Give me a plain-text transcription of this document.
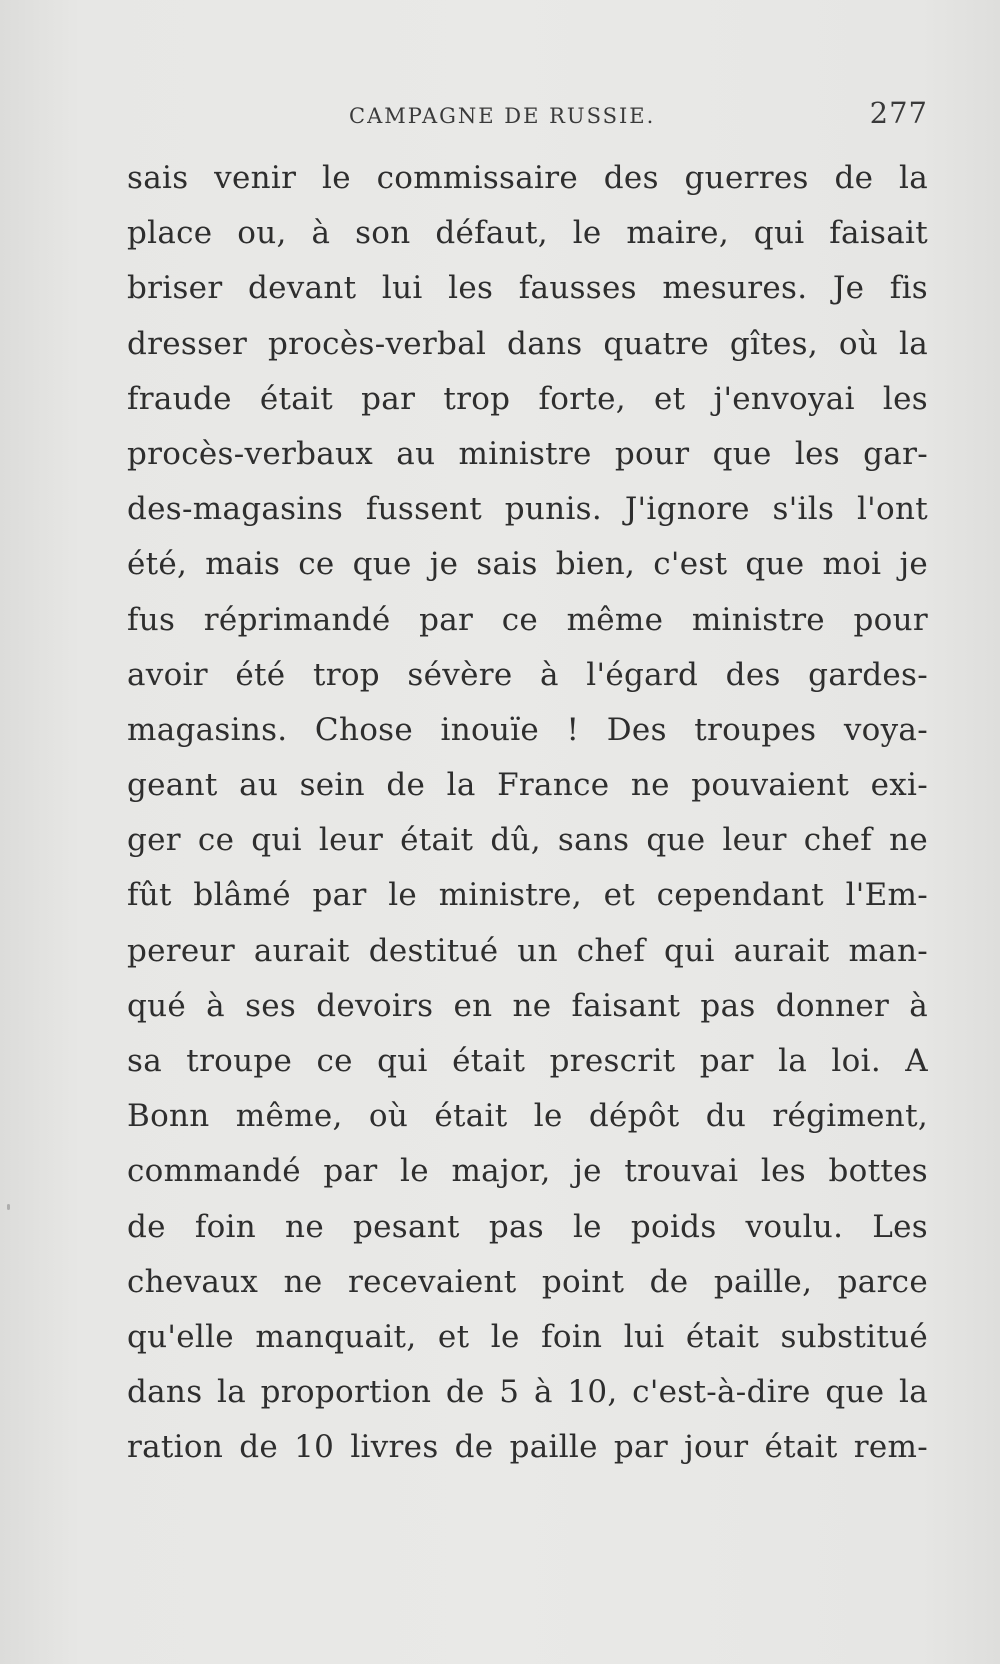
CAMPAGNE DE RUSSIE.	277
sais venir le commissaire des guerres de la
place ou, à son défaut, le maire, qui faisait
briser devant lui les fausses mesures. Je fis
dresser procès-verbal dans quatre gîtes, où la
fraude était par trop forte, et j'envoyai les
procès-verbaux au ministre pour que les gar-
des-magasins fussent punis. J'ignore s'ils l'ont
été, mais ce que je sais bien, c'est que moi je
fus réprimandé par ce même ministre pour
avoir été trop sévère à l'égard des gardes-
magasins. Chose inouïe ! Des troupes voya-
geant au sein de la France ne pouvaient exi-
ger ce qui leur était dû, sans que leur chef ne
fût blâmé par le ministre, et cependant l'Em-
pereur aurait destitué un chef qui aurait man-
qué à ses devoirs en ne faisant pas donner à
sa troupe ce qui était prescrit par la loi. A
Bonn même, où était le dépôt du régiment,
commandé par le major, je trouvai les bottes
de foin ne pesant pas le poids voulu. Les
chevaux ne recevaient point de paille, parce
qu'elle manquait, et le foin lui était substitué
dans la proportion de 5 à 10, c'est-à-dire que la
ration de 10 livres de paille par jour était rem-
